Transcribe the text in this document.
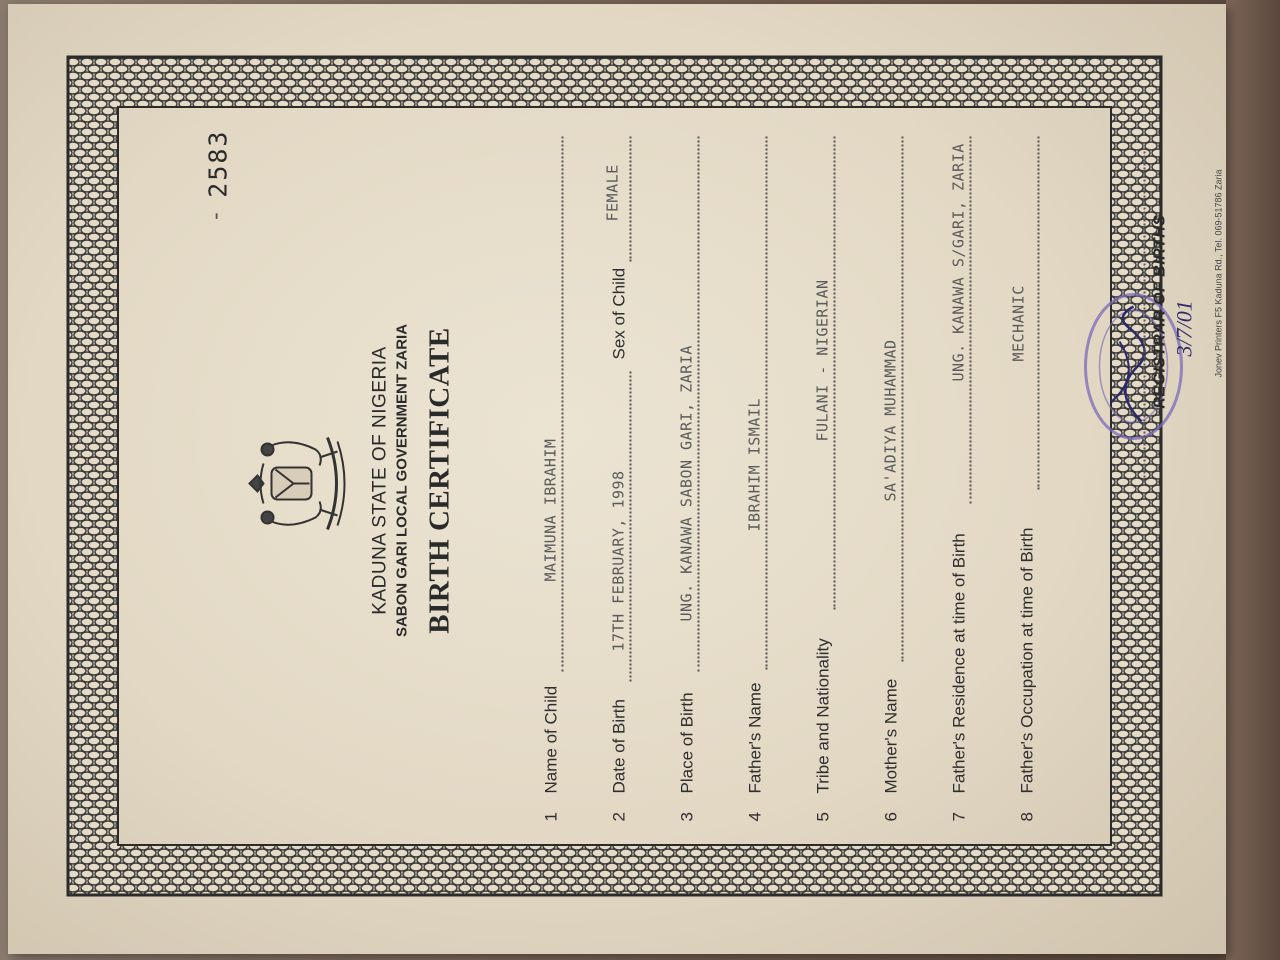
-
2583
KADUNA STATE OF NIGERIA SABON GARI LOCAL GOVERNMENT ZARIA BIRTH CERTIFICATE
1
Name of Child
MAIMUNA IBRAHIM
2
Date of Birth
17TH FEBRUARY, 1998
Sex of Child
FEMALE
3
Place of Birth
UNG. KANAWA SABON GARI, ZARIA
4
Father's Name
IBRAHIM ISMAIL
5
Tribe and Nationality
FULANI - NIGERIAN
6
Mother's Name
SA'ADIYA MUHAMMAD
7
Father's Residence at time of Birth
UNG. KANAWA S/GARI, ZARIA
8
Father's Occupation at time of Birth
MECHANIC	REGISTRAR OF BIRTHS 3/7/01 Jonev Printers F5 Kaduna Rd., Tel. 069-51786 Zaria
